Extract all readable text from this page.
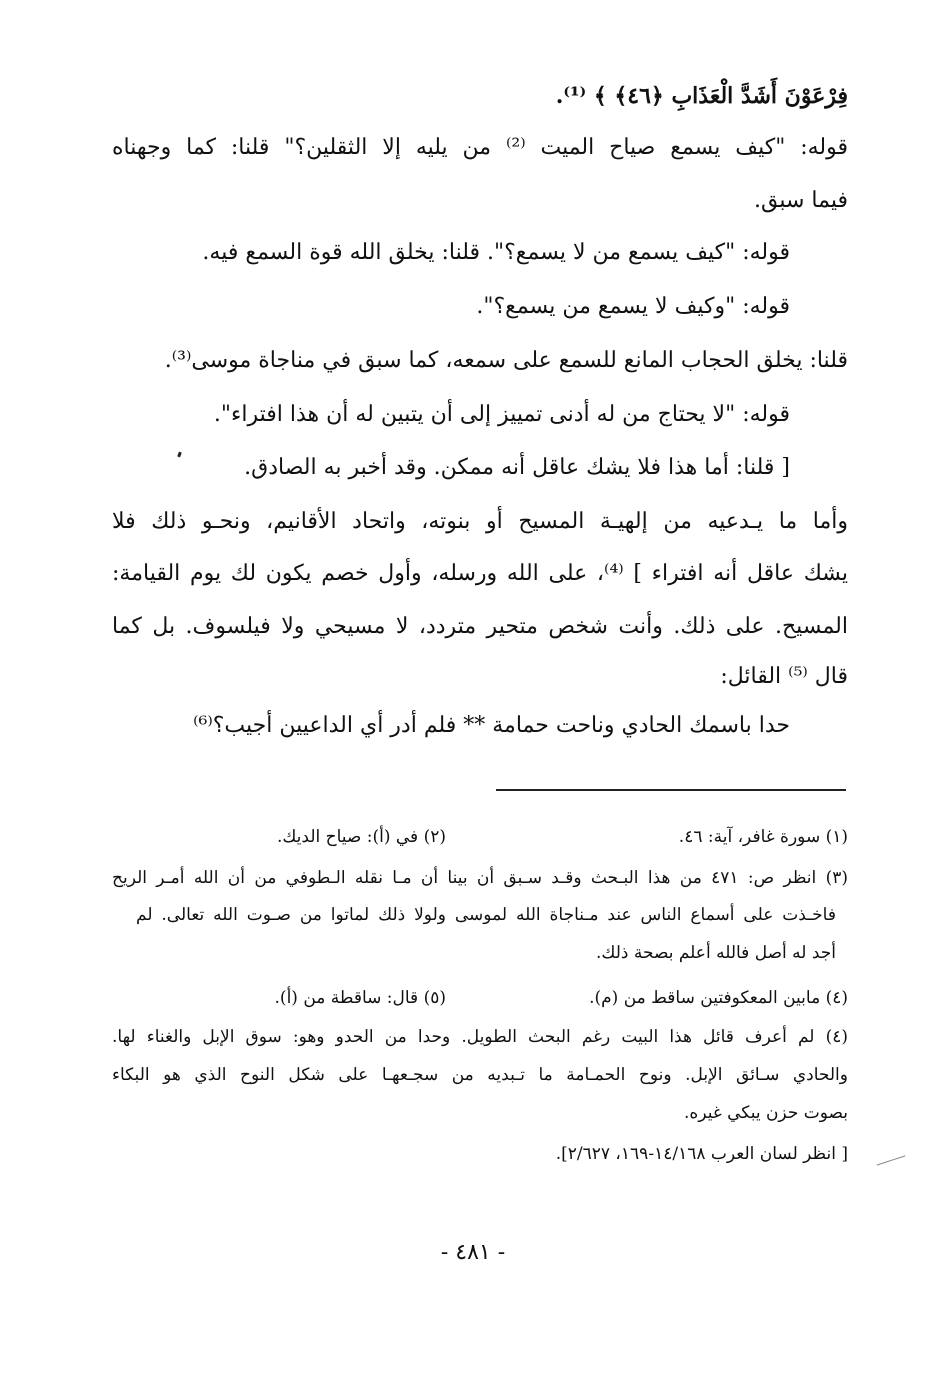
فِرْعَوْنَ أَشَدَّ الْعَذَابِ ﴿٤٦﴾ ﴾ ⁽¹⁾.
قوله: "كيف يسمع صياح الميت ⁽²⁾ من يليه إلا الثقلين؟" قلنا: كما وجهناه
فيما سبق.
قوله: "كيف يسمع من لا يسمع؟". قلنا: يخلق الله قوة السمع فيه.
قوله: "وكيف لا يسمع من يسمع؟".
قلنا: يخلق الحجاب المانع للسمع على سمعه، كما سبق في مناجاة موسى⁽³⁾.
قوله: "لا يحتاج من له أدنى تمييز إلى أن يتبين له أن هذا افتراء".
[ قلنا: أما هذا فلا يشك عاقل أنه ممكن. وقد أخبر به الصادق.
وأما ما يـدعيه من إلهيـة المسيح أو بنوته، واتحاد الأقانيم، ونحـو ذلك فلا
يشك عاقل أنه افتراء ] ⁽⁴⁾، على الله ورسله، وأول خصم يكون لك يوم القيامة:
المسيح. على ذلك. وأنت شخص متحير متردد، لا مسيحي ولا فيلسوف. بل كما
قال ⁽⁵⁾ القائل:
حدا باسمك الحادي وناحت حمامة ** فلم أدر أي الداعيين أجيب؟⁽⁶⁾
(١) سورة غافر، آية: ٤٦.
(٢) في (أ): صياح الديك.
(٣) انظر ص: ٤٧١ من هذا البـحث وقـد سـبق أن بينا أن مـا نقله الـطوفي من أن الله أمـر الريح
فاخـذت على أسماع الناس عند مـناجاة الله لموسى ولولا ذلك لماتوا من صـوت الله تعالى. لم
أجد له أصل فالله أعلم بصحة ذلك.
(٤) مابين المعكوفتين ساقط من (م).
(٥) قال: ساقطة من (أ).
(٤) لم أعرف قائل هذا البيت رغم البحث الطويل. وحدا من الحدو وهو: سوق الإبل والغناء لها.
والحادي سـائق الإبل. ونوح الحمـامة ما تـبديه من سجـعهـا على شكل النوح الذي هو البكاء
بصوت حزن يبكي غيره.
[ انظر لسان العرب ١٤/١٦٨-١٦٩، ٢/٦٢٧].
- ٤٨١ -
